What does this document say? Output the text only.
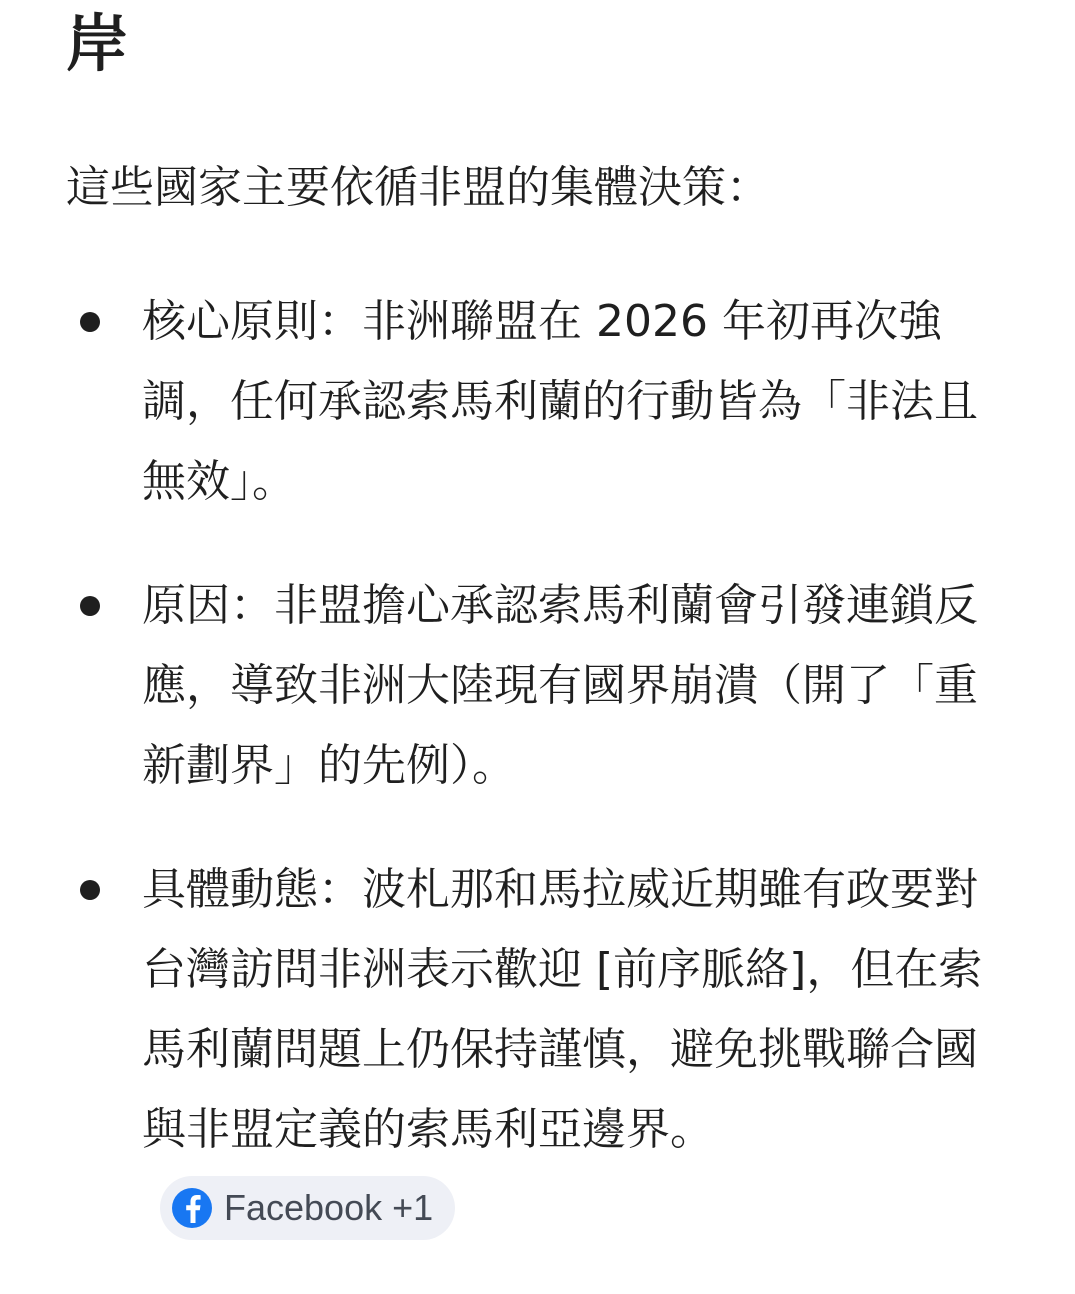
岸
這些國家主要依循非盟的集體決策：
核心原則：非洲聯盟在 2026 年初再次強調，任何承認索馬利蘭的行動皆為「非法且無效」。
原因：非盟擔心承認索馬利蘭會引發連鎖反應，導致非洲大陸現有國界崩潰（開了「重新劃界」的先例）。
具體動態：波札那和馬拉威近期雖有政要對台灣訪問非洲表示歡迎 [前序脈絡]，但在索馬利蘭問題上仍保持謹慎，避免挑戰聯合國與非盟定義的索馬利亞邊界。
Facebook +1
